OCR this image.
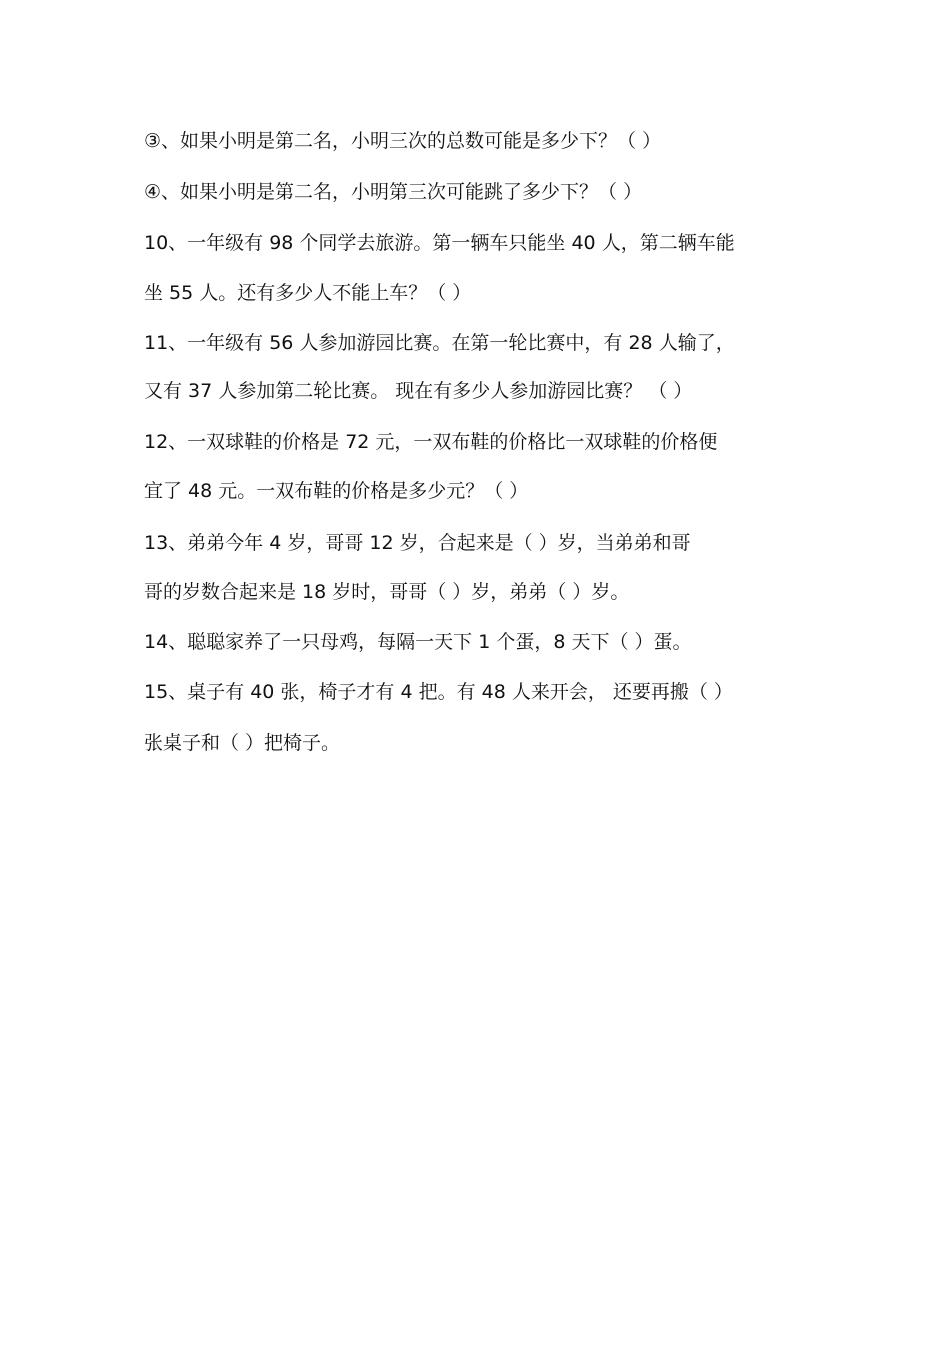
③、如果小明是第二名，小明三次的总数可能是多少下？（ ）
④、如果小明是第二名，小明第三次可能跳了多少下？（ ）
10、一年级有 98 个同学去旅游。第一辆车只能坐 40 人，第二辆车能
坐 55 人。还有多少人不能上车？（ ）
11、一年级有 56 人参加游园比赛。在第一轮比赛中，有 28 人输了，
又有 37 人参加第二轮比赛。 现在有多少人参加游园比赛？ （ ）
12、一双球鞋的价格是 72 元，一双布鞋的价格比一双球鞋的价格便
宜了 48 元。一双布鞋的价格是多少元？（ ）
13、弟弟今年 4 岁，哥哥 12 岁，合起来是（ ）岁，当弟弟和哥
哥的岁数合起来是 18 岁时，哥哥（ ）岁，弟弟（ ）岁。
14、聪聪家养了一只母鸡，每隔一天下 1 个蛋，8 天下（ ）蛋。
15、桌子有 40 张，椅子才有 4 把。有 48 人来开会， 还要再搬（ ）
张桌子和（ ）把椅子。
